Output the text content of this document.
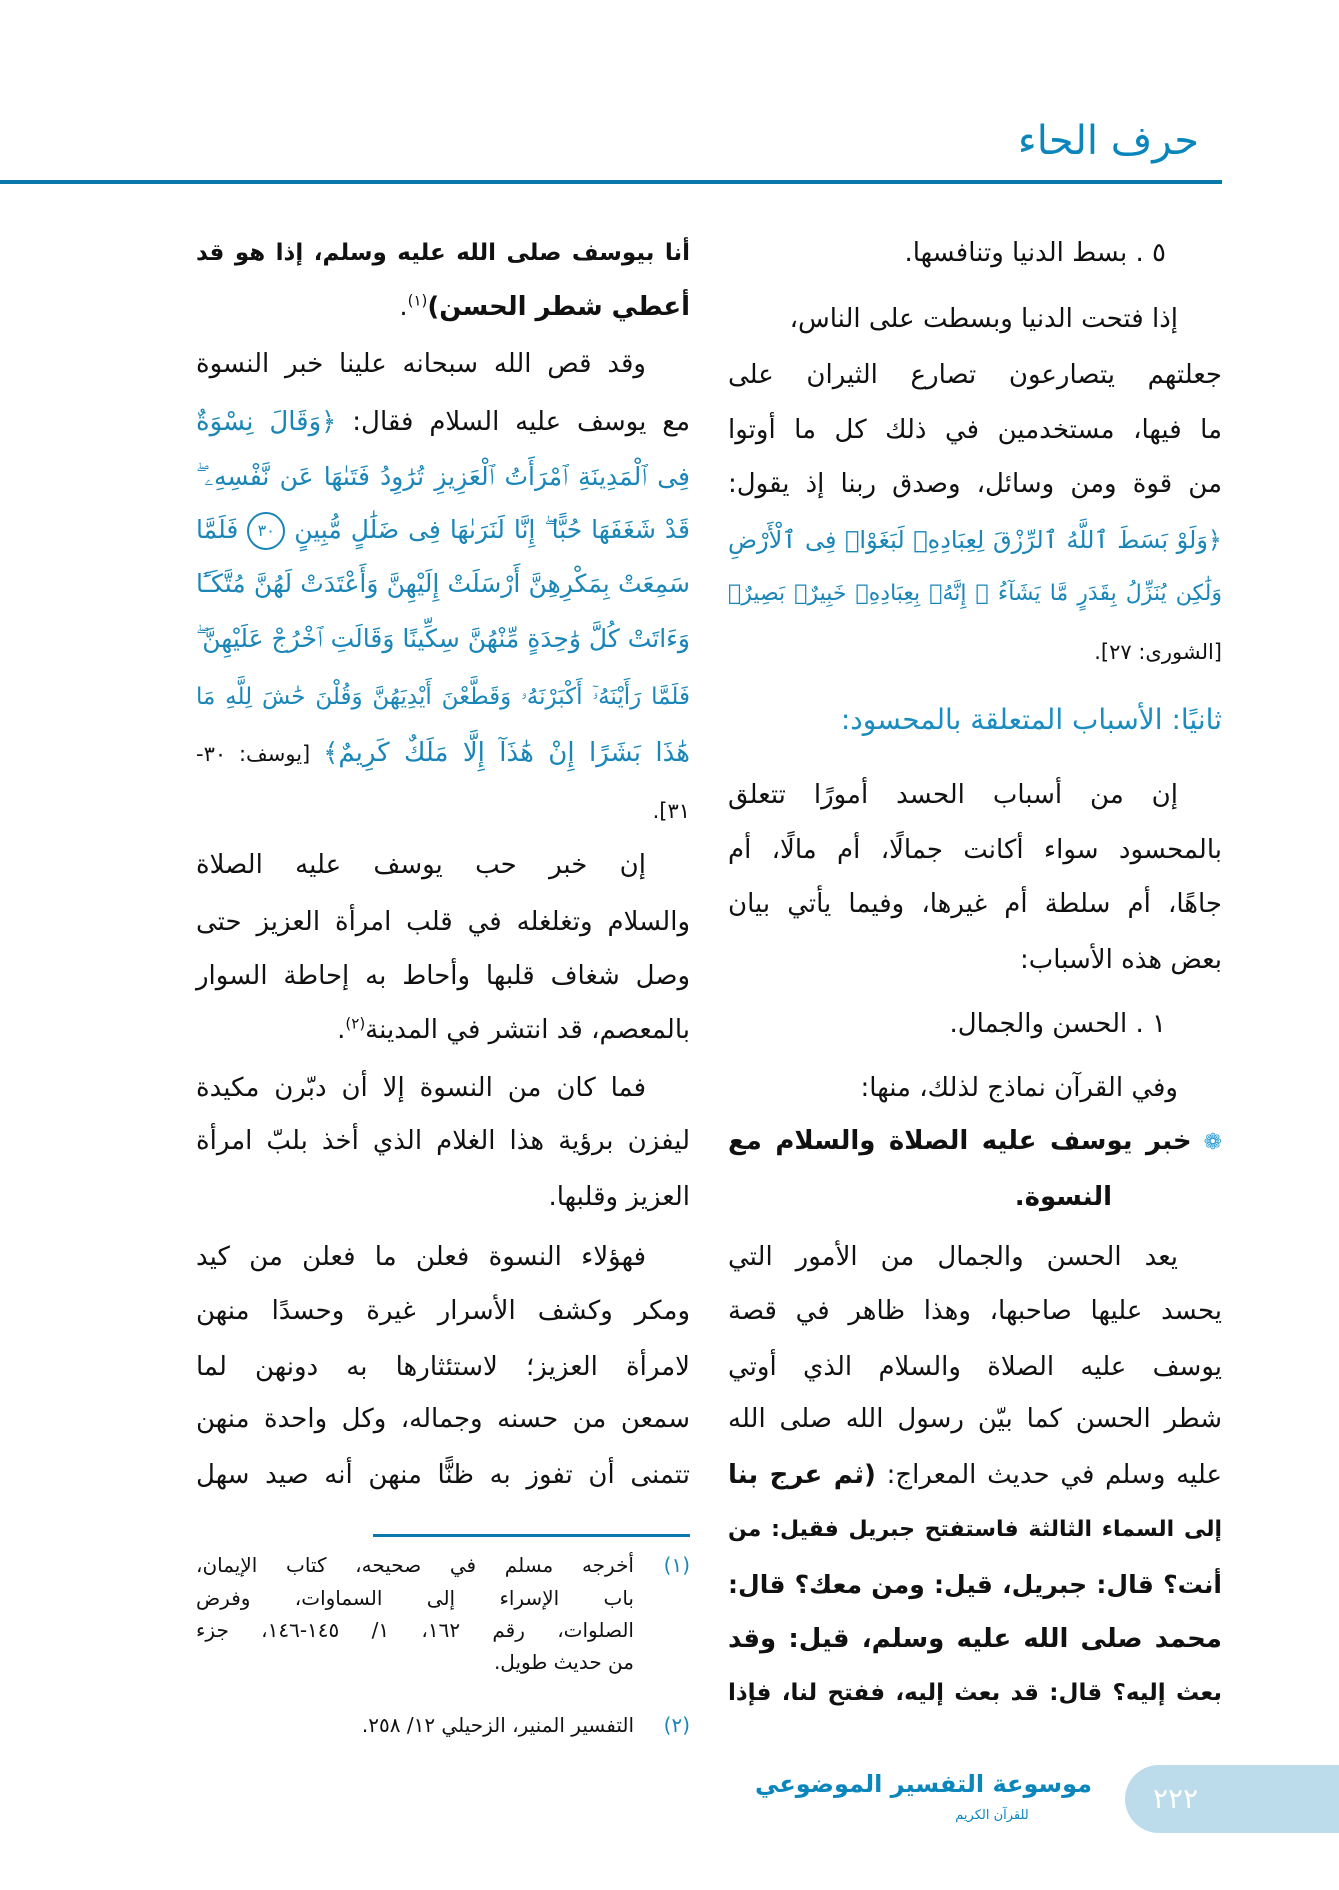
حرف الحاء
٥ . بسط الدنيا وتنافسها.
إذا فتحت الدنيا وبسطت على الناس،
جعلتهم يتصارعون تصارع الثيران على
ما فيها، مستخدمين في ذلك كل ما أوتوا
من قوة ومن وسائل، وصدق ربنا إذ يقول:
﴿وَلَوْ بَسَطَ ٱللَّهُ ٱلرِّزْقَ لِعِبَادِهِۦ لَبَغَوْا۟ فِى ٱلْأَرْضِ
وَلَٰكِن يُنَزِّلُ بِقَدَرٍ مَّا يَشَآءُ ۚ إِنَّهُۥ بِعِبَادِهِۦ خَبِيرٌۢ بَصِيرٌ﴾
[الشورى: ٢٧].
ثانيًا: الأسباب المتعلقة بالمحسود:
إن من أسباب الحسد أمورًا تتعلق
بالمحسود سواء أكانت جمالًا، أم مالًا، أم
جاهًا، أم سلطة أم غيرها، وفيما يأتي بيان
بعض هذه الأسباب:
١ . الحسن والجمال.
وفي القرآن نماذج لذلك، منها:
❁خبر يوسف عليه الصلاة والسلام مع
النسوة.
يعد الحسن والجمال من الأمور التي
يحسد عليها صاحبها، وهذا ظاهر في قصة
يوسف عليه الصلاة والسلام الذي أوتي
شطر الحسن كما بيّن رسول الله صلى الله
عليه وسلم في حديث المعراج: (ثم عرج بنا
إلى السماء الثالثة فاستفتح جبريل فقيل: من
أنت؟ قال: جبريل، قيل: ومن معك؟ قال:
محمد صلى الله عليه وسلم، قيل: وقد
بعث إليه؟ قال: قد بعث إليه، ففتح لنا، فإذا
أنا بيوسف صلى الله عليه وسلم، إذا هو قد
أعطي شطر الحسن)$^{(١)}$.
وقد قص الله سبحانه علينا خبر النسوة
مع يوسف عليه السلام فقال: ﴿وَقَالَ نِسْوَةٌ
فِى ٱلْمَدِينَةِ ٱمْرَأَتُ ٱلْعَزِيزِ تُرَٰوِدُ فَتَىٰهَا عَن نَّفْسِهِۦ ۖ
قَدْ شَغَفَهَا حُبًّا ۖ إِنَّا لَنَرَىٰهَا فِى ضَلَٰلٍ مُّبِينٍ ٣٠ فَلَمَّا
سَمِعَتْ بِمَكْرِهِنَّ أَرْسَلَتْ إِلَيْهِنَّ وَأَعْتَدَتْ لَهُنَّ مُتَّكَـًٔا
وَءَاتَتْ كُلَّ وَٰحِدَةٍ مِّنْهُنَّ سِكِّينًا وَقَالَتِ ٱخْرُجْ عَلَيْهِنَّ ۖ
فَلَمَّا رَأَيْنَهُۥٓ أَكْبَرْنَهُۥ وَقَطَّعْنَ أَيْدِيَهُنَّ وَقُلْنَ حَٰشَ لِلَّهِ مَا
هَٰذَا بَشَرًا إِنْ هَٰذَآ إِلَّا مَلَكٌ كَرِيمٌ﴾ [يوسف: ٣٠-
٣١].
إن خبر حب يوسف عليه الصلاة
والسلام وتغلغله في قلب امرأة العزيز حتى
وصل شغاف قلبها وأحاط به إحاطة السوار
بالمعصم، قد انتشر في المدينة$^{(٢)}$.
فما كان من النسوة إلا أن دبّرن مكيدة
ليفزن برؤية هذا الغلام الذي أخذ بلبّ امرأة
العزيز وقلبها.
فهؤلاء النسوة فعلن ما فعلن من كيد
ومكر وكشف الأسرار غيرة وحسدًا منهن
لامرأة العزيز؛ لاستئثارها به دونهن لما
سمعن من حسنه وجماله، وكل واحدة منهن
تتمنى أن تفوز به ظنًّا منهن أنه صيد سهل
(١)
أخرجه مسلم في صحيحه، كتاب الإيمان،
باب الإسراء إلى السماوات، وفرض
الصلوات، رقم ١٦٢، ١/ ١٤٥-١٤٦، جزء
من حديث طويل.
(٢)
التفسير المنير، الزحيلي ١٢/ ٢٥٨.
موسوعة التفسير الموضوعي
للقرآن الكريم
٢٢٢
